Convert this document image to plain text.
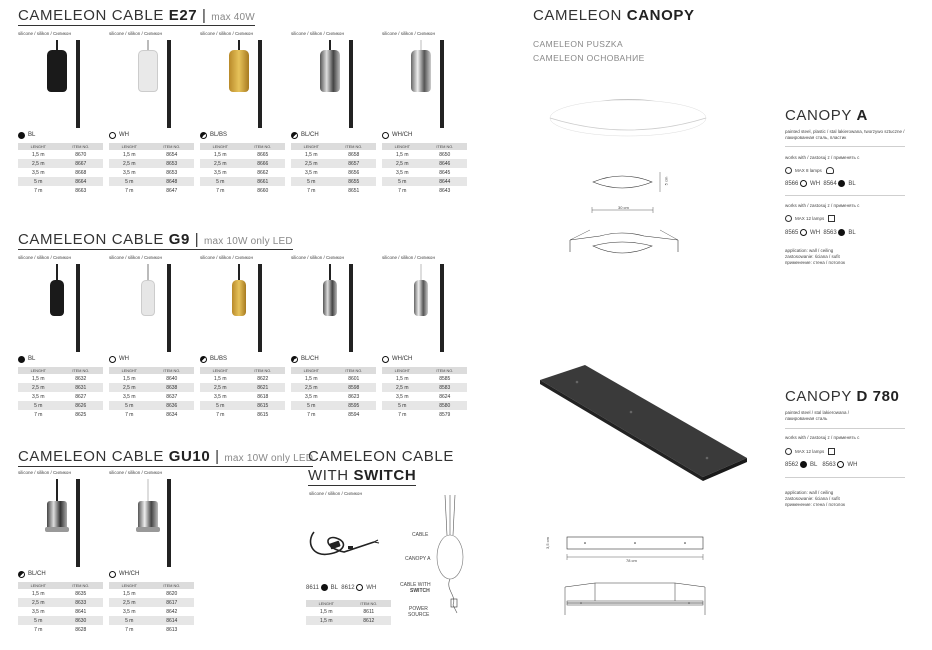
CAMELEON CABLE E27 | max 40W
silicone / silikon / Силикон
BL
LENGHT	ITEM NO.
1,5 m	8670
2,5 m	8667
3,5 m	8668
5 m	8664
7 m	8663
silicone / silikon / Силикон
WH
LENGHT	ITEM NO.
1,5 m	8654
2,5 m	8653
3,5 m	8653
5 m	8648
7 m	8647
silicone / silikon / Силикон
BL/BS
LENGHT	ITEM NO.
1,5 m	8665
2,5 m	8666
3,5 m	8662
5 m	8661
7 m	8660
silicone / silikon / Силикон
BL/CH
LENGHT	ITEM NO.
1,5 m	8658
2,5 m	8657
3,5 m	8656
5 m	8655
7 m	8651
silicone / silikon / Силикон
WH/CH
LENGHT	ITEM NO.
1,5 m	8650
2,5 m	8646
3,5 m	8645
5 m	8644
7 m	8643
CAMELEON CABLE G9 | max 10W only LED
silicone / silikon / Силикон
BL
LENGHT	ITEM NO.
1,5 m	8632
2,5 m	8631
3,5 m	8627
5 m	8626
7 m	8625
silicone / silikon / Силикон
WH
LENGHT	ITEM NO.
1,5 m	8640
2,5 m	8638
3,5 m	8637
5 m	8636
7 m	8634
silicone / silikon / Силикон
BL/BS
LENGHT	ITEM NO.
1,5 m	8622
2,5 m	8621
3,5 m	8618
5 m	8615
7 m	8615
silicone / silikon / Силикон
BL/CH
LENGHT	ITEM NO.
1,5 m	8601
2,5 m	8598
3,5 m	8623
5 m	8595
7 m	8594
silicone / silikon / Силикон
WH/CH
LENGHT	ITEM NO.
1,5 m	8585
2,5 m	8583
3,5 m	8624
5 m	8580
7 m	8579
CAMELEON CABLE GU10 | max 10W only LED
silicone / silikon / Силикон
BL/CH
LENGHT	ITEM NO.
1,5 m	8635
2,5 m	8633
3,5 m	8641
5 m	8630
7 m	8628
silicone / silikon / Силикон
WH/CH
LENGHT	ITEM NO.
1,5 m	8620
2,5 m	8617
3,5 m	8642
5 m	8614
7 m	8613
CAMELEON CABLE
WITH SWITCH
silicone / silikon / Силикон
8611
BL
8612
WH
LENGHT	ITEM NO.
1,5 m	8611
1,5 m	8612
CABLE
CANOPY A
CABLE WITH
SWITCH
POWER
SOURCE
CAMELEON CANOPY
CAMELEON PUSZKA
CAMELEON ОСНОВАНИЕ
30 cm
5 cm
CANOPY A
painted steel, plastic / stal lakierowana, tworzywo sztuczne / лакированная сталь, пластик
works with / zastosuj z / применять с
MAX 8 lamps
8566
WH
8564
BL
works with / zastosuj z / применять с
MAX 12 lamps
8565
WH
8563
BL
application: wall / ceiling
zastosowanie: ściana / sufit
применение: стена / потолок
78 cm
3,5 cm
CANOPY D 780
painted steel / stal lakierowana /
лакированная сталь
works with / zastosuj z / применять с
MAX 12 lamps
8562
BL
8563
WH
application: wall / ceiling
zastosowanie: ściana / sufit
применение: стена / потолок
